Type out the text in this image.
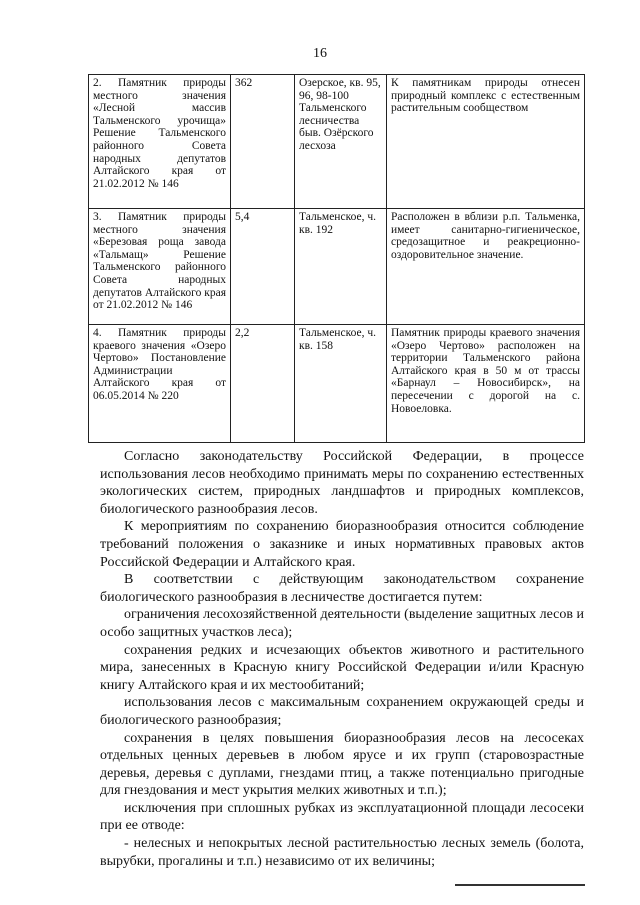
16
2. Памятник природы местного значения «Лесной массив Тальменского урочища» Решение Тальменского районного Совета народных депутатов Алтайского края от 21.02.2012 № 146	362	Озерское, кв. 95, 96, 98-100 Тальменского лесничества быв. Озёрского лесхоза	К памятникам природы отнесен природный комплекс с естественным растительным сообществом
3. Памятник природы местного значения «Березовая роща завода «Тальмащ» Решение Тальменского районного Совета народных депутатов Алтайского края от 21.02.2012 № 146	5,4	Тальменское, ч. кв. 192	Расположен в вблизи р.п. Тальменка, имеет санитарно-гигиеническое, средозащитное и реакреционно-оздоровительное значение.
4. Памятник природы краевого значения «Озеро Чертово» Постановление Администрации Алтайского края от 06.05.2014 № 220	2,2	Тальменское, ч. кв. 158	Памятник природы краевого значения «Озеро Чертово» расположен на территории Тальменского района Алтайского края в 50 м от трассы «Барнаул – Новосибирск», на пересечении с дорогой на с. Новоеловка.

Согласно законодательству Российской Федерации, в процессе использования лесов необходимо принимать меры по сохранению естественных экологических систем, природных ландшафтов и природных комплексов, биологического разнообразия лесов.

К мероприятиям по сохранению биоразнообразия относится соблюдение требований положения о заказнике и иных нормативных правовых актов Российской Федерации и Алтайского края.

В соответствии с действующим законодательством сохранение биологического разнообразия в лесничестве достигается путем:

ограничения лесохозяйственной деятельности (выделение защитных лесов и особо защитных участков леса);

сохранения редких и исчезающих объектов животного и растительного мира, занесенных в Красную книгу Российской Федерации и/или Красную книгу Алтайского края и их местообитаний;

использования лесов с максимальным сохранением окружающей среды и биологического разнообразия;

сохранения в целях повышения биоразнообразия лесов на лесосеках отдельных ценных деревьев в любом ярусе и их групп (старовозрастные деревья, деревья с дуплами, гнездами птиц, а также потенциально пригодные для гнездования и мест укрытия мелких животных и т.п.);

исключения при сплошных рубках из эксплуатационной площади лесосеки при ее отводе:

- нелесных и непокрытых лесной растительностью лесных земель (болота, вырубки, прогалины и т.п.) независимо от их величины;
